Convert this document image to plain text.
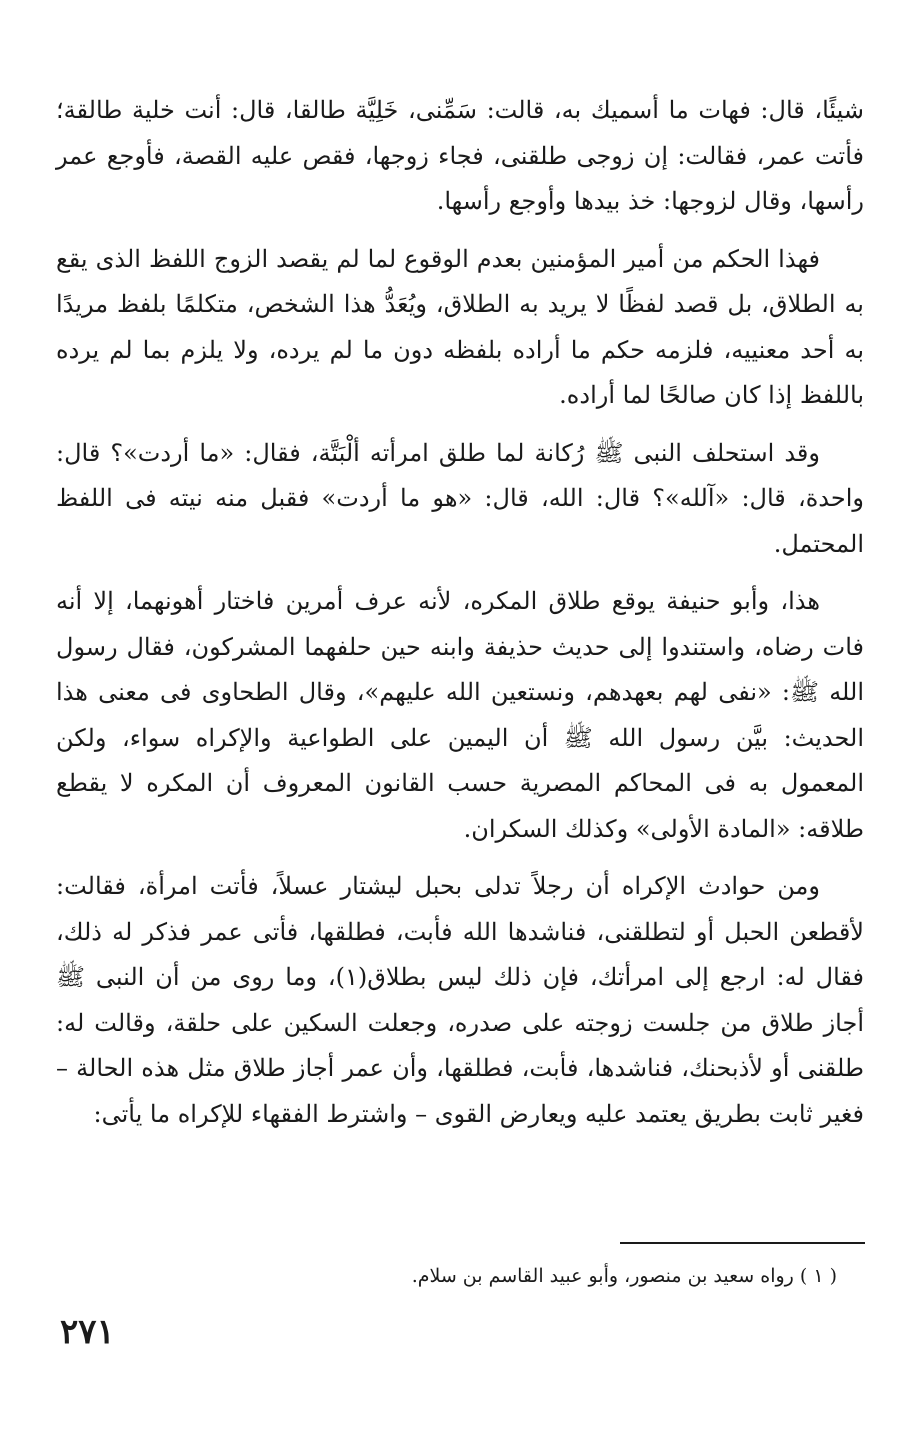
شيئًا، قال: فهات ما أسميك به، قالت: سَمِّنى، خَلِيَّة طالقا، قال: أنت خلية طالقة؛ فأتت عمر، فقالت: إن زوجى طلقنى، فجاء زوجها، فقص عليه القصة، فأوجع عمر رأسها، وقال لزوجها: خذ بيدها وأوجع رأسها.

فهذا الحكم من أمير المؤمنين بعدم الوقوع لما لم يقصد الزوج اللفظ الذى يقع به الطلاق، بل قصد لفظًا لا يريد به الطلاق، ويُعَدُّ هذا الشخص، متكلمًا بلفظ مريدًا به أحد معنييه، فلزمه حكم ما أراده بلفظه دون ما لم يرده، ولا يلزم بما لم يرده باللفظ إذا كان صالحًا لما أراده.

وقد استحلف النبى ﷺ رُكانة لما طلق امرأته ألْبَتَّة، فقال: «ما أردت»؟ قال: واحدة، قال: «آلله»؟ قال: الله، قال: «هو ما أردت» فقبل منه نيته فى اللفظ المحتمل.

هذا، وأبو حنيفة يوقع طلاق المكره، لأنه عرف أمرين فاختار أهونهما، إلا أنه فات رضاه، واستندوا إلى حديث حذيفة وابنه حين حلفهما المشركون، فقال رسول الله ﷺ: «نفى لهم بعهدهم، ونستعين الله عليهم»، وقال الطحاوى فى معنى هذا الحديث: بيَّن رسول الله ﷺ أن اليمين على الطواعية والإكراه سواء، ولكن المعمول به فى المحاكم المصرية حسب القانون المعروف أن المكره لا يقطع طلاقه: «المادة الأولى» وكذلك السكران.

ومن حوادث الإكراه أن رجلاً تدلى بحبل ليشتار عسلاً، فأتت امرأة، فقالت: لأقطعن الحبل أو لتطلقنى، فناشدها الله فأبت، فطلقها، فأتى عمر فذكر له ذلك، فقال له: ارجع إلى امرأتك، فإن ذلك ليس بطلاق(١)، وما روى من أن النبى ﷺ أجاز طلاق من جلست زوجته على صدره، وجعلت السكين على حلقة، وقالت له: طلقنى أو لأذبحنك، فناشدها، فأبت، فطلقها، وأن عمر أجاز طلاق مثل هذه الحالة – فغير ثابت بطريق يعتمد عليه ويعارض القوى – واشترط الفقهاء للإكراه ما يأتى:

( ١ ) رواه سعيد بن منصور، وأبو عبيد القاسم بن سلام.

٢٧١
